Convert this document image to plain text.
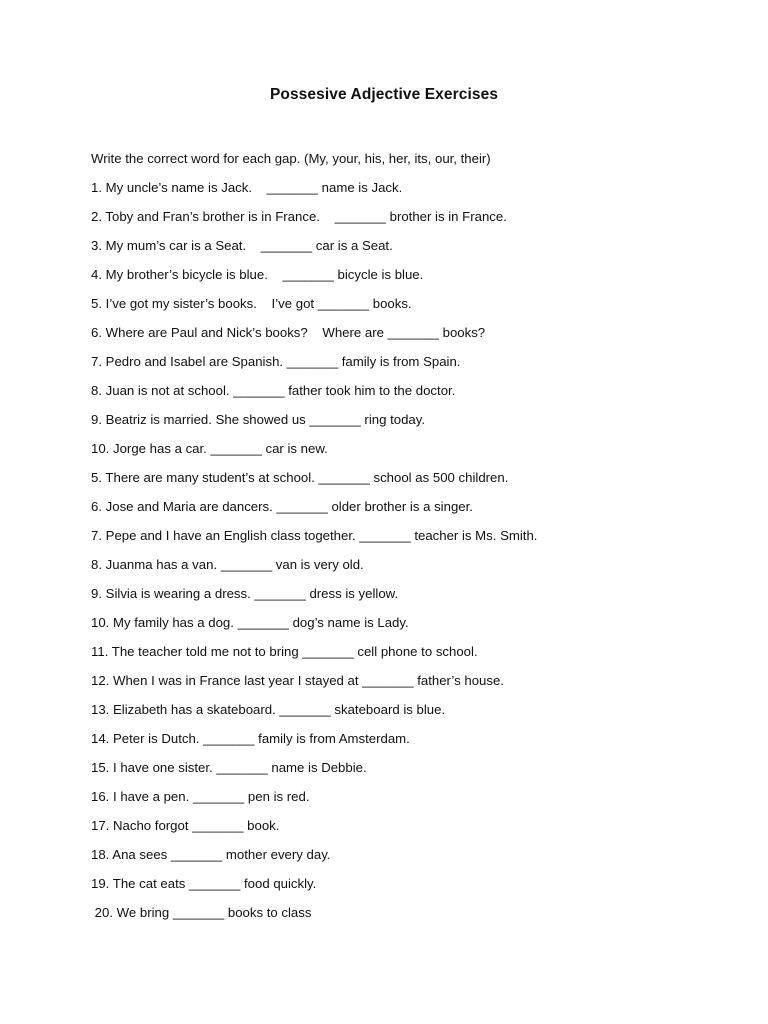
Possesive Adjective Exercises
Write the correct word for each gap. (My, your, his, her, its, our, their)
1. My uncle’s name is Jack.    _______ name is Jack.
2. Toby and Fran’s brother is in France.    _______ brother is in France.
3. My mum’s car is a Seat.    _______ car is a Seat.
4. My brother’s bicycle is blue.    _______ bicycle is blue.
5. I’ve got my sister’s books.    I’ve got _______ books.
6. Where are Paul and Nick’s books?    Where are _______ books?
7. Pedro and Isabel are Spanish. _______ family is from Spain.
8. Juan is not at school. _______ father took him to the doctor.
9. Beatriz is married. She showed us _______ ring today.
10. Jorge has a car. _______ car is new.
5. There are many student’s at school. _______ school as 500 children.
6. Jose and Maria are dancers. _______ older brother is a singer.
7. Pepe and I have an English class together. _______ teacher is Ms. Smith.
8. Juanma has a van. _______ van is very old.
9. Silvia is wearing a dress. _______ dress is yellow.
10. My family has a dog. _______ dog’s name is Lady.
11. The teacher told me not to bring _______ cell phone to school.
12. When I was in France last year I stayed at _______ father’s house.
13. Elizabeth has a skateboard. _______ skateboard is blue.
14. Peter is Dutch. _______ family is from Amsterdam.
15. I have one sister. _______ name is Debbie.
16. I have a pen. _______ pen is red.
17. Nacho forgot _______ book.
18. Ana sees _______ mother every day.
19. The cat eats _______ food quickly.
20. We bring _______ books to class
